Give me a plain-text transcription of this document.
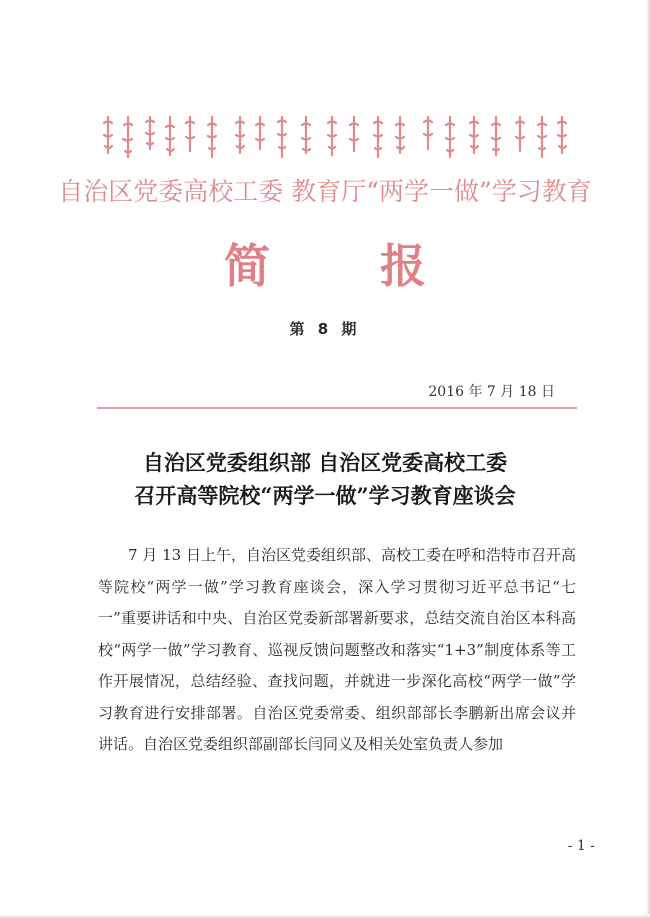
自治区党委高校工委 教育厅“两学一做”学习教育
简报
第 8 期
2016 年 7 月 18 日
自治区党委组织部 自治区党委高校工委
召开高等院校“两学一做”学习教育座谈会
7 月 13 日上午，自治区党委组织部、高校工委在呼和浩特市召开高等院校“两学一做”学习教育座谈会，深入学习贯彻习近平总书记“七一”重要讲话和中央、自治区党委新部署新要求，总结交流自治区本科高校“两学一做”学习教育、巡视反馈问题整改和落实“1+3”制度体系等工作开展情况，总结经验、查找问题，并就进一步深化高校“两学一做”学习教育进行安排部署。自治区党委常委、组织部部长李鹏新出席会议并讲话。自治区党委组织部副部长闫同义及相关处室负责人参加
- 1 -
